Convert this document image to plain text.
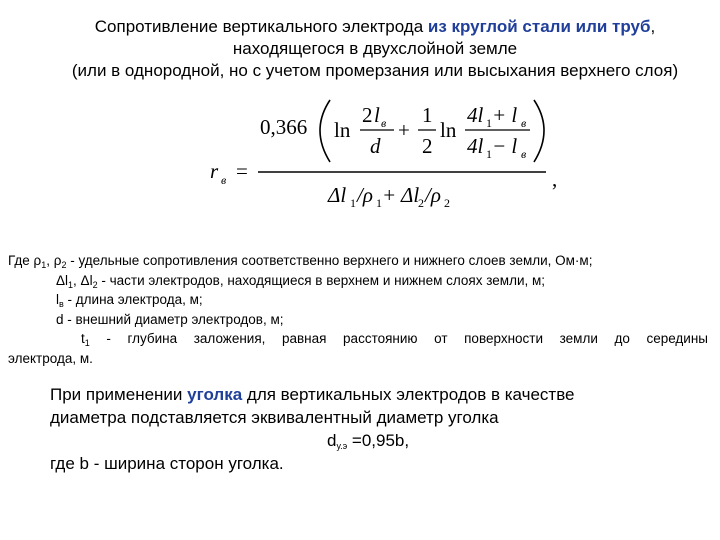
Сопротивление вертикального электрода из круглой стали или труб,
находящегося в двухслойной земле
(или в однородной, но с учетом промерзания или высыхания верхнего слоя)
r в =
0,366 ln
2 l в
d
+
1
2
ln
4l 1 + l в
4l 1 − l в
,
Δl 1 /ρ 1 + Δl
2 /ρ 2
Где $\rho_1$, $\rho_2$ - удельные сопротивления соответственно верхнего и нижнего слоев земли, Ом·м;
$\Delta l_1$, $\Delta l_2$ - части электродов, находящиеся в верхнем и нижнем слоях земли, м;
$l_в$ - длина электрода, м;
d - внешний диаметр электродов, м;
$t_1$ - глубина заложения, равная расстоянию от поверхности земли до середины
электрода, м.
При применении уголка для вертикальных электродов в качестве
диаметра подставляется эквивалентный диаметр уголка
$d_{у.э} =0,95b$,
где b - ширина сторон уголка.
